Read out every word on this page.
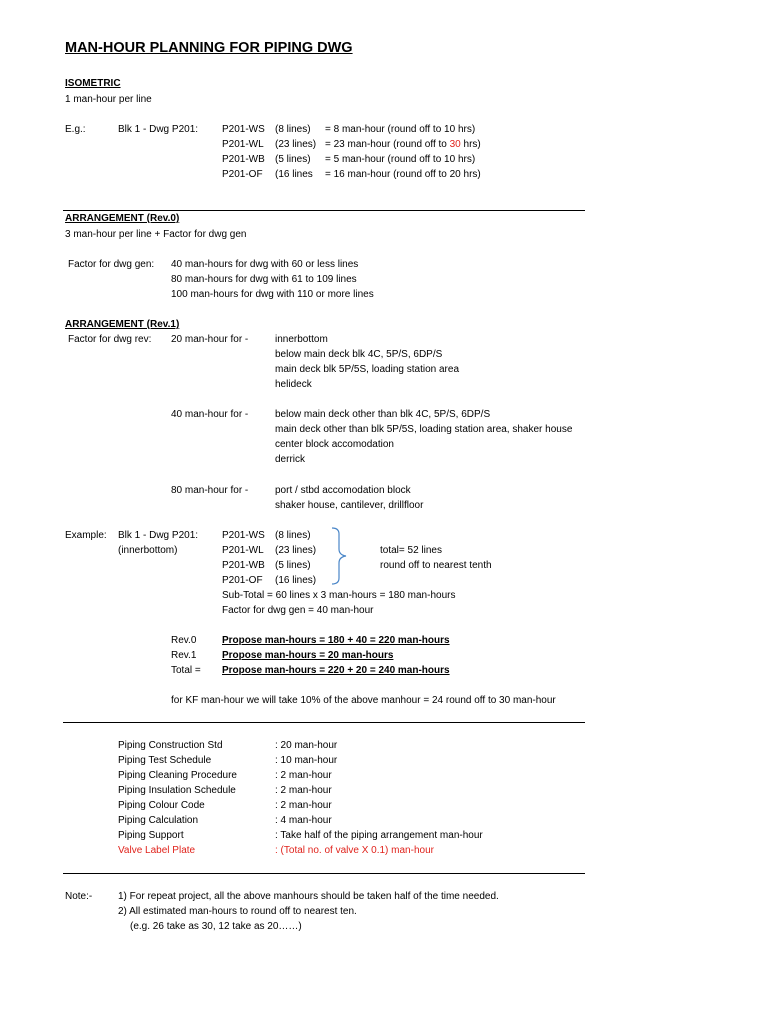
MAN-HOUR PLANNING FOR PIPING DWG
ISOMETRIC
1 man-hour per line
E.g.:	Blk 1 - Dwg P201: P201-WS (8 lines) = 8 man-hour (round off to 10 hrs)
P201-WL (23 lines) = 23 man-hour (round off to 30 hrs)
P201-WB (5 lines) = 5 man-hour (round off to 10 hrs)
P201-OF (16 lines = 16 man-hour (round off to 20 hrs)
ARRANGEMENT (Rev.0)
3 man-hour per line + Factor for dwg gen
Factor for dwg gen: 40 man-hours for dwg with 60 or less lines
80 man-hours for dwg with 61 to 109 lines
100 man-hours for dwg with 110 or more lines
ARRANGEMENT (Rev.1)
Factor for dwg rev: 20 man-hour for -	innerbottom
below main deck blk 4C, 5P/S, 6DP/S
main deck blk 5P/5S, loading station area
helideck
40 man-hour for -	below main deck other than blk 4C, 5P/S, 6DP/S
main deck other than blk 5P/5S, loading station area, shaker house
center block accomodation
derrick
80 man-hour for -	port / stbd accomodation block
shaker house, cantilever, drillfloor
Example: Blk 1 - Dwg P201:
(innerbottom)
P201-WS (8 lines)
P201-WL (23 lines)
P201-WB (5 lines)
P201-OF (16 lines)
total= 52 lines
round off to nearest tenth
Sub-Total = 60 lines x 3 man-hours = 180 man-hours
Factor for dwg gen = 40 man-hour
Rev.0	Propose man-hours = 180 + 40 = 220 man-hours
Rev.1	Propose man-hours = 20 man-hours
Total = Propose man-hours = 220 + 20 = 240 man-hours
for KF man-hour we will take 10% of the above manhour = 24 round off to 30 man-hour
Piping Construction Std	: 20 man-hour
Piping Test Schedule	: 10 man-hour
Piping Cleaning Procedure	: 2 man-hour
Piping Insulation Schedule	: 2 man-hour
Piping Colour Code	: 2 man-hour
Piping Calculation	: 4 man-hour
Piping Support	: Take half of the piping arrangement man-hour
Valve Label Plate	: (Total no. of valve X 0.1) man-hour
Note:-	1) For repeat project, all the above manhours should be taken half of the time needed.
2) All estimated man-hours to round off to nearest ten.
(e.g. 26 take as 30, 12 take as 20……)
